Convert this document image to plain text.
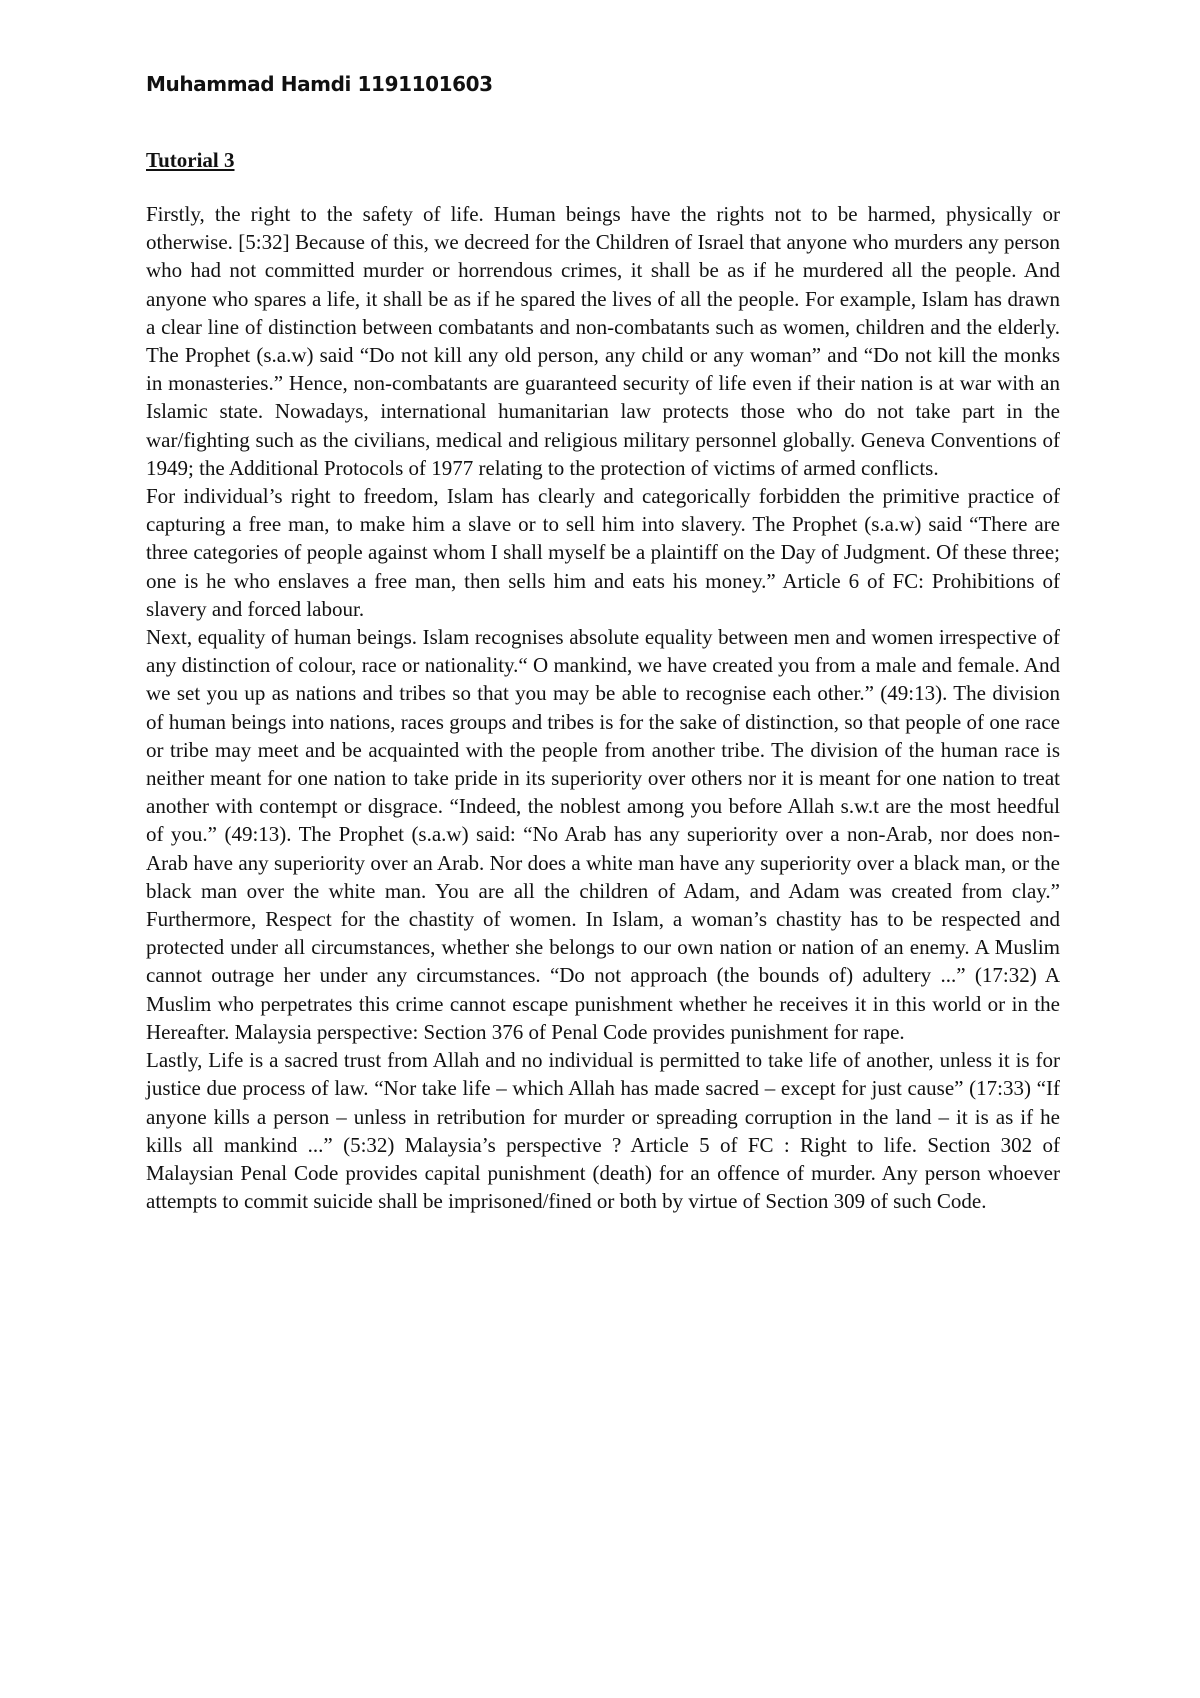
Muhammad Hamdi 1191101603
Tutorial 3

Firstly, the right to the safety of life. Human beings have the rights not to be harmed, physically or otherwise. [5:32] Because of this, we decreed for the Children of Israel that anyone who murders any person who had not committed murder or horrendous crimes, it shall be as if he murdered all the people. And anyone who spares a life, it shall be as if he spared the lives of all the people. For example, Islam has drawn a clear line of distinction between combatants and non-combatants such as women, children and the elderly. The Prophet (s.a.w) said “Do not kill any old person, any child or any woman” and “Do not kill the monks in monasteries.” Hence, non-combatants are guaranteed security of life even if their nation is at war with an Islamic state. Nowadays, international humanitarian law protects those who do not take part in the war/fighting such as the civilians, medical and religious military personnel globally. Geneva Conventions of 1949; the Additional Protocols of 1977 relating to the protection of victims of armed conflicts.

For individual’s right to freedom, Islam has clearly and categorically forbidden the primitive practice of capturing a free man, to make him a slave or to sell him into slavery. The Prophet (s.a.w) said “There are three categories of people against whom I shall myself be a plaintiff on the Day of Judgment. Of these three; one is he who enslaves a free man, then sells him and eats his money.” Article 6 of FC: Prohibitions of slavery and forced labour.

Next, equality of human beings. Islam recognises absolute equality between men and women irrespective of any distinction of colour, race or nationality.“ O mankind, we have created you from a male and female. And we set you up as nations and tribes so that you may be able to recognise each other.” (49:13). The division of human beings into nations, races groups and tribes is for the sake of distinction, so that people of one race or tribe may meet and be acquainted with the people from another tribe. The division of the human race is neither meant for one nation to take pride in its superiority over others nor it is meant for one nation to treat another with contempt or disgrace. “Indeed, the noblest among you before Allah s.w.t are the most heedful of you.” (49:13). The Prophet (s.a.w) said: “No Arab has any superiority over a non-Arab, nor does non-Arab have any superiority over an Arab. Nor does a white man have any superiority over a black man, or the black man over the white man. You are all the children of Adam, and Adam was created from clay.” Furthermore, Respect for the chastity of women. In Islam, a woman’s chastity has to be respected and protected under all circumstances, whether she belongs to our own nation or nation of an enemy. A Muslim cannot outrage her under any circumstances. “Do not approach (the bounds of) adultery ...” (17:32) A Muslim who perpetrates this crime cannot escape punishment whether he receives it in this world or in the Hereafter. Malaysia perspective: Section 376 of Penal Code provides punishment for rape.

Lastly, Life is a sacred trust from Allah and no individual is permitted to take life of another, unless it is for justice due process of law. “Nor take life – which Allah has made sacred – except for just cause” (17:33) “If anyone kills a person – unless in retribution for murder or spreading corruption in the land – it is as if he kills all mankind ...” (5:32) Malaysia’s perspective ? Article 5 of FC : Right to life. Section 302 of Malaysian Penal Code provides capital punishment (death) for an offence of murder. Any person whoever attempts to commit suicide shall be imprisoned/fined or both by virtue of Section 309 of such Code.
